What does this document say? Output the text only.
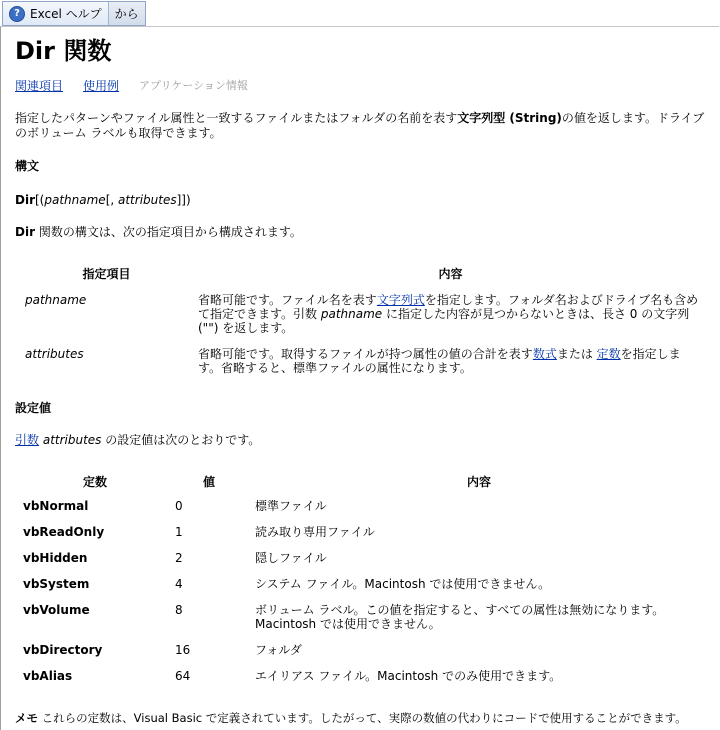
? Excel ヘルプ から
Dir 関数
関連項目 使用例 アプリケーション情報
指定したパターンやファイル属性と一致するファイルまたはフォルダの名前を表す文字列型 (String)の値を返します。ドライブのボリューム ラベルも取得できます。
構文
Dir[(pathname[, attributes]])
Dir 関数の構文は、次の指定項目から構成されます。
指定項目	内容
pathname	省略可能です。ファイル名を表す文字列式を指定します。フォルダ名およびドライブ名も含めて指定できます。引数 pathname に指定した内容が見つからないときは、長さ 0 の文字列 ("") を返します。
attributes	省略可能です。取得するファイルが持つ属性の値の合計を表す数式または 定数を指定します。省略すると、標準ファイルの属性になります。
設定値
引数 attributes の設定値は次のとおりです。
定数	値	内容
vbNormal	0	標準ファイル
vbReadOnly	1	読み取り専用ファイル
vbHidden	2	隠しファイル
vbSystem	4	システム ファイル。Macintosh では使用できません。
vbVolume	8	ボリューム ラベル。この値を指定すると、すべての属性は無効になります。Macintosh では使用できません。
vbDirectory	16	フォルダ
vbAlias	64	エイリアス ファイル。Macintosh でのみ使用できます。
メモ これらの定数は、Visual Basic で定義されています。したがって、実際の数値の代わりにコードで使用することができます。
